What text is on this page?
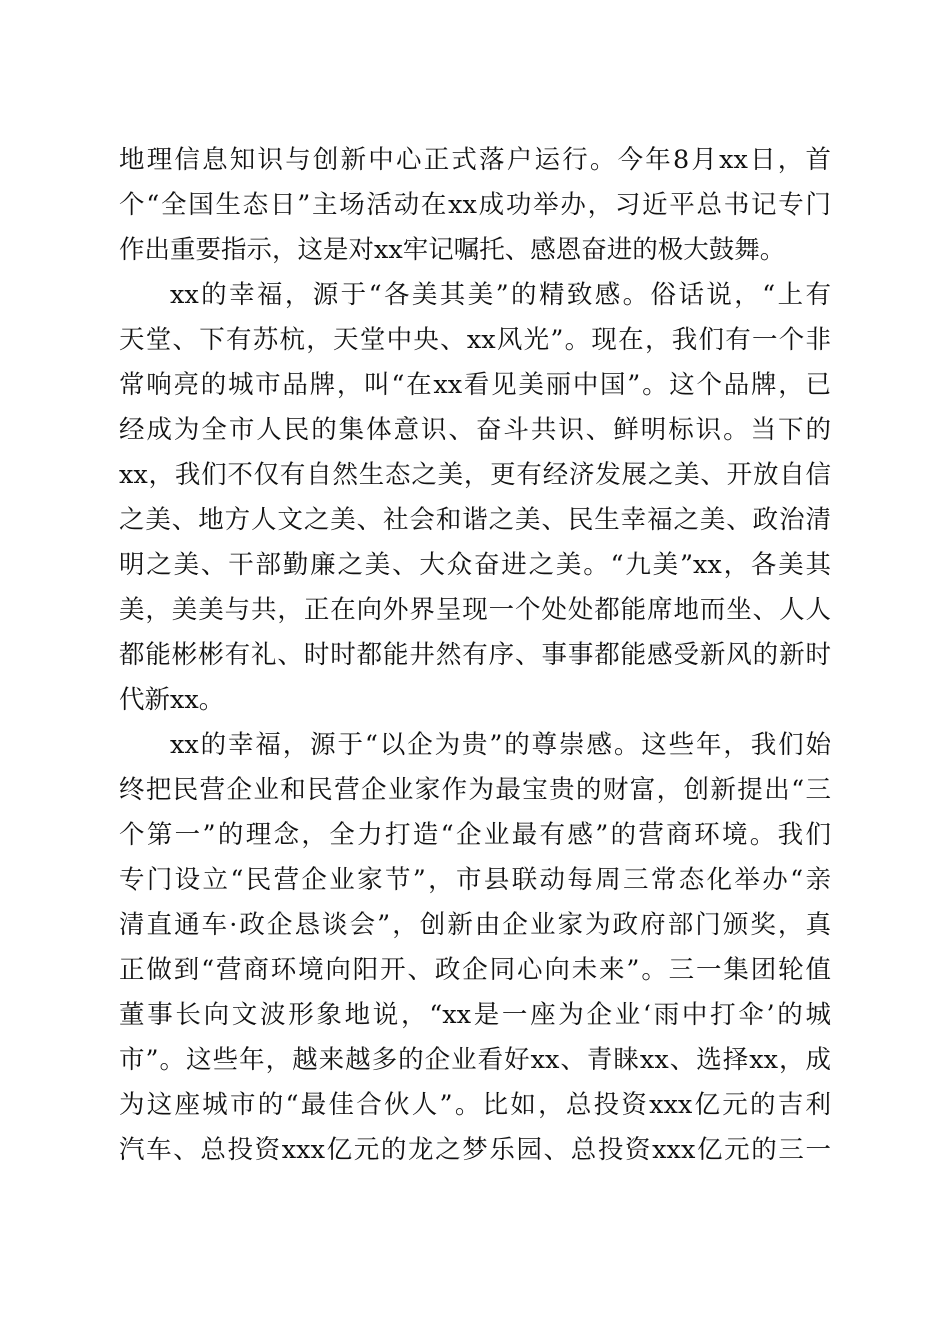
地理信息知识与创新中心正式落户运行。今年8月xx日，首
个“全国生态日”主场活动在xx成功举办，习近平总书记专门
作出重要指示，这是对xx牢记嘱托、感恩奋进的极大鼓舞。
xx的幸福，源于“各美其美”的精致感。俗话说，“上有
天堂、下有苏杭，天堂中央、xx风光”。现在，我们有一个非
常响亮的城市品牌，叫“在xx看见美丽中国”。这个品牌，已
经成为全市人民的集体意识、奋斗共识、鲜明标识。当下的
xx，我们不仅有自然生态之美，更有经济发展之美、开放自信
之美、地方人文之美、社会和谐之美、民生幸福之美、政治清
明之美、干部勤廉之美、大众奋进之美。“九美”xx，各美其
美，美美与共，正在向外界呈现一个处处都能席地而坐、人人
都能彬彬有礼、时时都能井然有序、事事都能感受新风的新时
代新xx。
xx的幸福，源于“以企为贵”的尊崇感。这些年，我们始
终把民营企业和民营企业家作为最宝贵的财富，创新提出“三
个第一”的理念，全力打造“企业最有感”的营商环境。我们
专门设立“民营企业家节”，市县联动每周三常态化举办“亲
清直通车·政企恳谈会”，创新由企业家为政府部门颁奖，真
正做到“营商环境向阳开、政企同心向未来”。三一集团轮值
董事长向文波形象地说，“xx是一座为企业‘雨中打伞’的城
市”。这些年，越来越多的企业看好xx、青睐xx、选择xx，成
为这座城市的“最佳合伙人”。比如，总投资xxx亿元的吉利
汽车、总投资xxx亿元的龙之梦乐园、总投资xxx亿元的三一
